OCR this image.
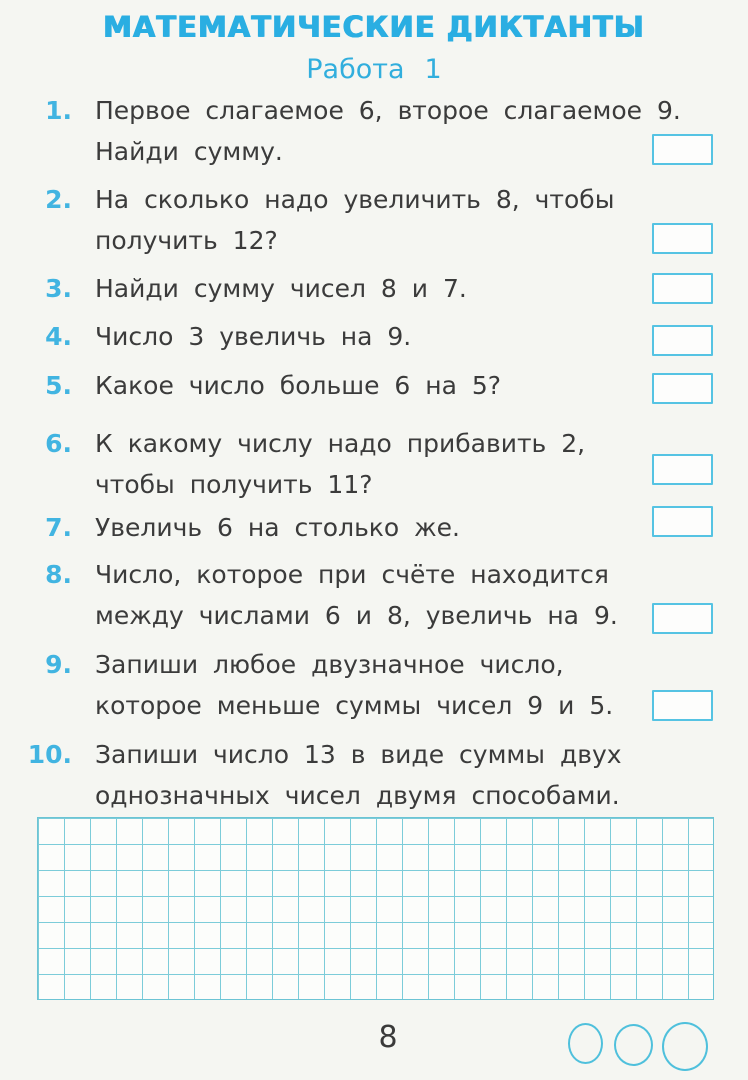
МАТЕМАТИЧЕСКИЕ ДИКТАНТЫ
Работа 1
1. Первое слагаемое 6, второе слагаемое 9.
Найди сумму.
2. На сколько надо увеличить 8, чтобы
получить 12?
3. Найди сумму чисел 8 и 7.
4. Число 3 увеличь на 9.
5. Какое число больше 6 на 5?
6. К какому числу надо прибавить 2,
чтобы получить 11?
7. Увеличь 6 на столько же.
8. Число, которое при счёте находится
между числами 6 и 8, увеличь на 9.
9. Запиши любое двузначное число,
которое меньше суммы чисел 9 и 5.
10. Запиши число 13 в виде суммы двух
однозначных чисел двумя способами.
8
